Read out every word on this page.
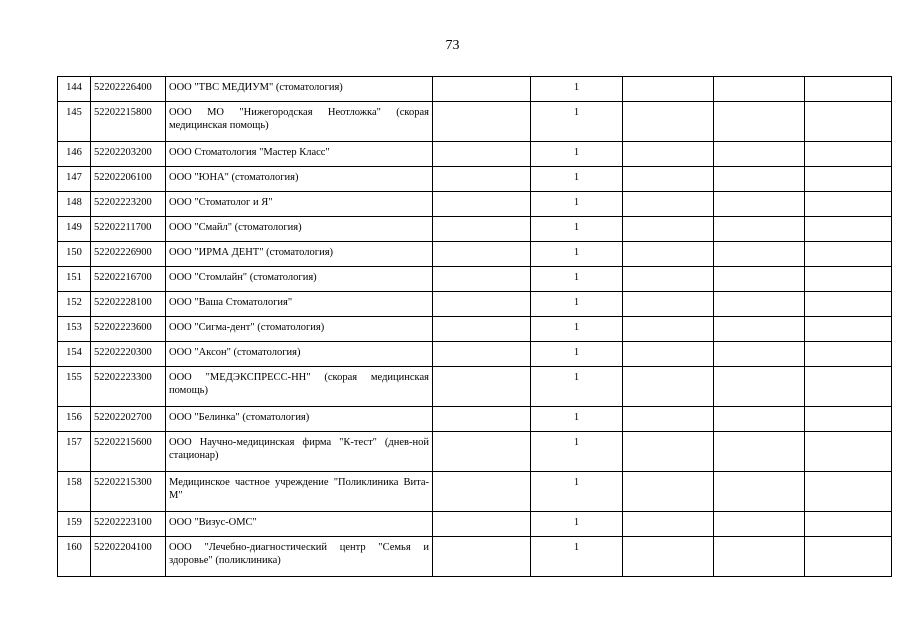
73
144	52202226400	ООО "ТВС МЕДИУМ" (стоматология)		1			
145	52202215800	ООО МО "Нижегородская Неотложка" (скорая медицинская помощь)		1			
146	52202203200	ООО Стоматология "Мастер Класс"		1			
147	52202206100	ООО "ЮНА" (стоматология)		1			
148	52202223200	ООО "Стоматолог и Я"		1			
149	52202211700	ООО "Смайл" (стоматология)		1			
150	52202226900	ООО "ИРМА ДЕНТ" (стоматология)		1			
151	52202216700	ООО "Стомлайн" (стоматология)		1			
152	52202228100	ООО "Ваша Стоматология"		1			
153	52202223600	ООО "Сигма-дент" (стоматология)		1			
154	52202220300	ООО "Аксон" (стоматология)		1			
155	52202223300	ООО "МЕДЭКСПРЕСС-НН" (скорая медицинская помощь)		1			
156	52202202700	ООО "Белинка" (стоматология)		1			
157	52202215600	ООО Научно-медицинская фирма "К-тест" (днев-ной стационар)		1			
158	52202215300	Медицинское частное учреждение "Поликлиника Вита-М"		1			
159	52202223100	ООО "Визус-ОМС"		1			
160	52202204100	ООО "Лечебно-диагностический центр "Семья и здоровье" (поликлиника)		1			
